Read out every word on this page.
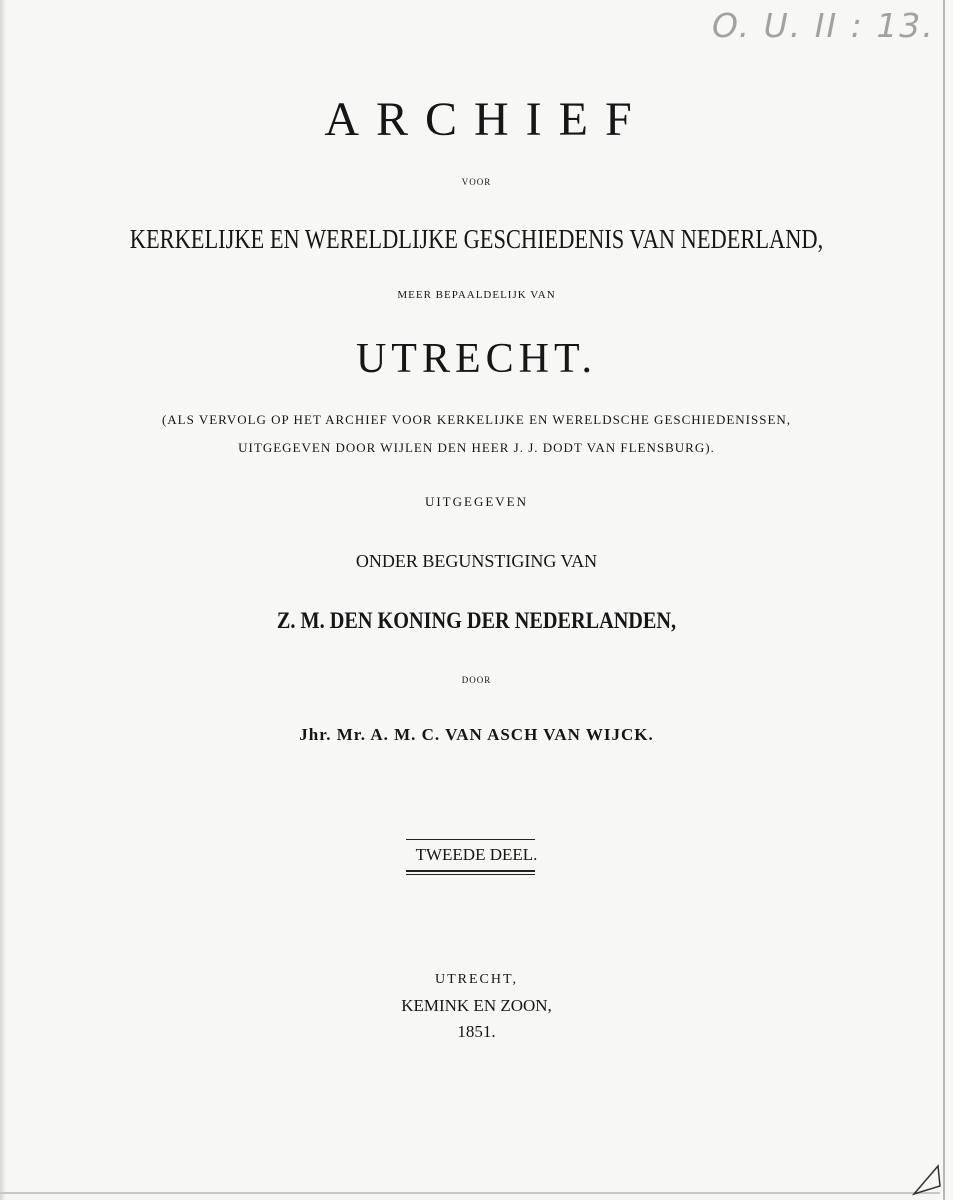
O. U. II : 13.
ARCHIEF
VOOR
KERKELIJKE EN WERELDLIJKE GESCHIEDENIS VAN NEDERLAND,
MEER BEPAALDELIJK VAN
UTRECHT.
(ALS VERVOLG OP HET ARCHIEF VOOR KERKELIJKE EN WERELDSCHE GESCHIEDENISSEN,
UITGEGEVEN DOOR WIJLEN DEN HEER J. J. DODT VAN FLENSBURG).
UITGEGEVEN
ONDER BEGUNSTIGING VAN
Z. M. DEN KONING DER NEDERLANDEN,
DOOR
Jhr. Mr. A. M. C. VAN ASCH VAN WIJCK.
TWEEDE DEEL.
UTRECHT,
KEMINK EN ZOON,
1851.
